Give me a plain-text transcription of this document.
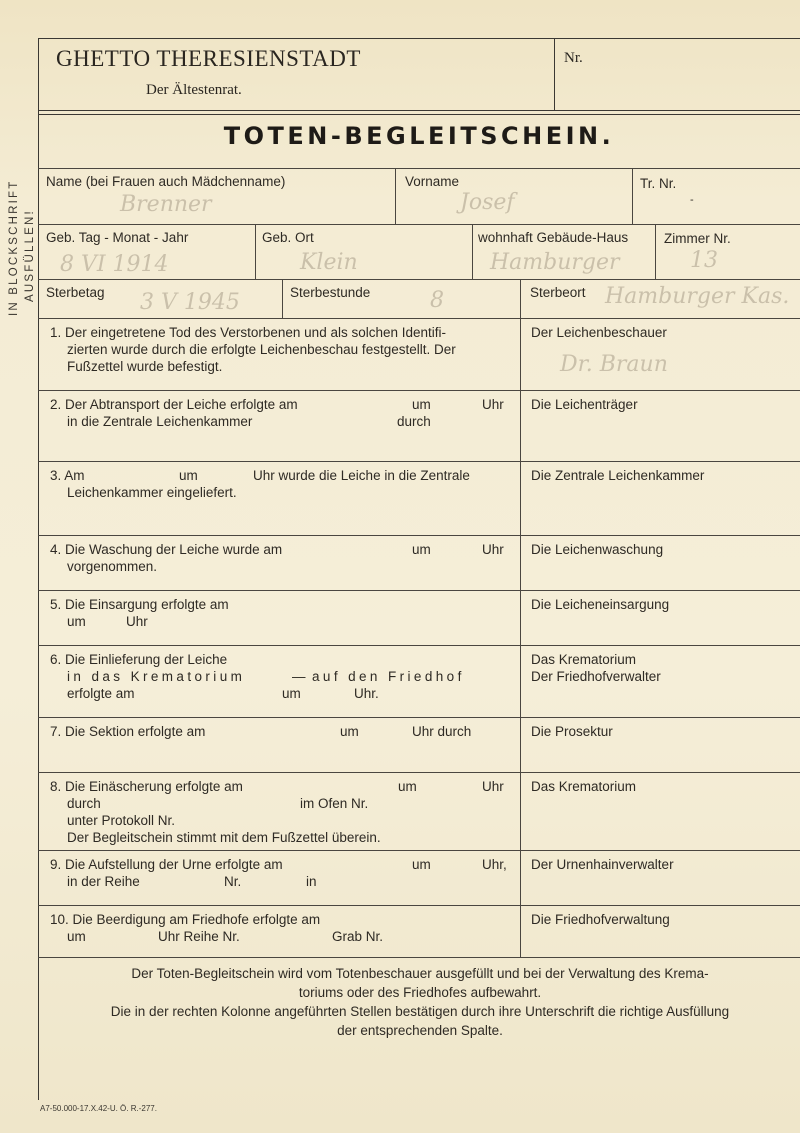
IN BLOCKSCHRIFT AUSFÜLLEN!
GHETTO THERESIENSTADT
Der Ältestenrat.
Nr.
TOTEN-BEGLEITSCHEIN.
Name (bei Frauen auch Mädchenname)
Brenner
Vorname
Josef
Tr. Nr.
-
Geb. Tag - Monat - Jahr
8 VI 1914
Geb. Ort
Klein
wohnhaft Gebäude-Haus
Hamburger
Zimmer Nr.
13
Sterbetag 3 V 1945	Sterbestunde	8	Sterbeort Hamburger Kas.
1. Der eingetretene Tod des Verstorbenen und als solchen Identifi-
zierten wurde durch die erfolgte Leichenbeschau festgestellt. Der
Fußzettel wurde befestigt.
Der Leichenbeschauer
Dr. Braun
2. Der Abtransport der Leiche erfolgte am	um	Uhr
in die Zentrale Leichenkammer	durch
Die Leichenträger
3. Am	um	Uhr wurde die Leiche in die Zentrale
Leichenkammer eingeliefert.
Die Zentrale Leichenkammer
4. Die Waschung der Leiche wurde am	um	Uhr
vorgenommen.
Die Leichenwaschung
5. Die Einsargung erfolgte am
um	Uhr
Die Leicheneinsargung
6. Die Einlieferung der Leiche
in das Krematorium	— auf den Friedhof
erfolgte am	um	Uhr.
Das Krematorium
Der Friedhofverwalter
7. Die Sektion erfolgte am	um	Uhr durch	Die Prosektur
8. Die Einäscherung erfolgte am	um	Uhr
durch	im Ofen Nr.
unter Protokoll Nr.
Der Begleitschein stimmt mit dem Fußzettel überein.
Das Krematorium
9. Die Aufstellung der Urne erfolgte am	um	Uhr,
in der Reihe	Nr.	in
Der Urnenhainverwalter
10. Die Beerdigung am Friedhofe erfolgte am
um	Uhr Reihe Nr.	Grab Nr.
Die Friedhofverwaltung
Der Toten-Begleitschein wird vom Totenbeschauer ausgefüllt und bei der Verwaltung des Krema-
toriums oder des Friedhofes aufbewahrt.
Die in der rechten Kolonne angeführten Stellen bestätigen durch ihre Unterschrift die richtige Ausfüllung
der entsprechenden Spalte.
A7-50.000-17.X.42-U. Ö. R.-277.
